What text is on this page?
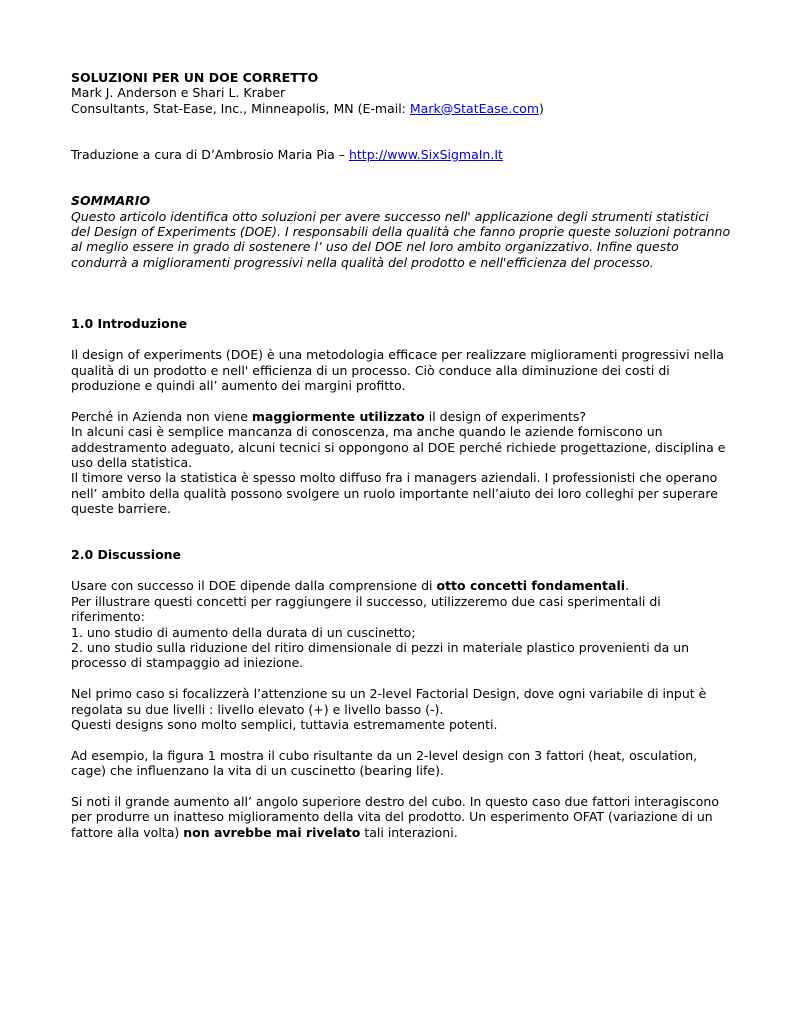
SOLUZIONI PER UN DOE CORRETTO

Mark J. Anderson e Shari L. Kraber

Consultants, Stat-Ease, Inc., Minneapolis, MN (E-mail: Mark@StatEase.com)

Traduzione a cura di D’Ambrosio Maria Pia – http://www.SixSigmaIn.It

SOMMARIO

Questo articolo identifica otto soluzioni per avere successo nell' applicazione degli strumenti statistici del Design of Experiments (DOE). I responsabili della qualità che fanno proprie queste soluzioni potranno al meglio essere in grado di sostenere l’ uso del DOE nel loro ambito organizzativo. Infine questo condurrà a miglioramenti progressivi nella qualità del prodotto e nell'efficienza del processo.

1.0 Introduzione

Il design of experiments (DOE) è una metodologia efficace per realizzare miglioramenti progressivi nella qualità di un prodotto e nell' efficienza di un processo. Ciò conduce alla diminuzione dei costi di produzione e quindi all’ aumento dei margini profitto.

Perché in Azienda non viene maggiormente utilizzato il design of experiments?

In alcuni casi è semplice mancanza di conoscenza, ma anche quando le aziende forniscono un addestramento adeguato, alcuni tecnici si oppongono al DOE perché richiede progettazione, disciplina e uso della statistica.

Il timore verso la statistica è spesso molto diffuso fra i managers aziendali. I professionisti che operano nell’ ambito della qualità possono svolgere un ruolo importante nell’aiuto dei loro colleghi per superare queste barriere.

2.0 Discussione

Usare con successo il DOE dipende dalla comprensione di otto concetti fondamentali.

Per illustrare questi concetti per raggiungere il successo, utilizzeremo due casi sperimentali di riferimento:

1. uno studio di aumento della durata di un cuscinetto;

2. uno studio sulla riduzione del ritiro dimensionale di pezzi in materiale plastico provenienti da un processo di stampaggio ad iniezione.

Nel primo caso si focalizzerà l’attenzione su un 2-level Factorial Design, dove ogni variabile di input è regolata su due livelli : livello elevato (+) e livello basso (-).

Questi designs sono molto semplici, tuttavia estremamente potenti.

Ad esempio, la figura 1 mostra il cubo risultante da un 2-level design con 3 fattori (heat, osculation, cage) che influenzano la vita di un cuscinetto (bearing life).

Si noti il grande aumento all’ angolo superiore destro del cubo. In questo caso due fattori interagiscono per produrre un inatteso miglioramento della vita del prodotto. Un esperimento OFAT (variazione di un fattore alla volta) non avrebbe mai rivelato tali interazioni.
